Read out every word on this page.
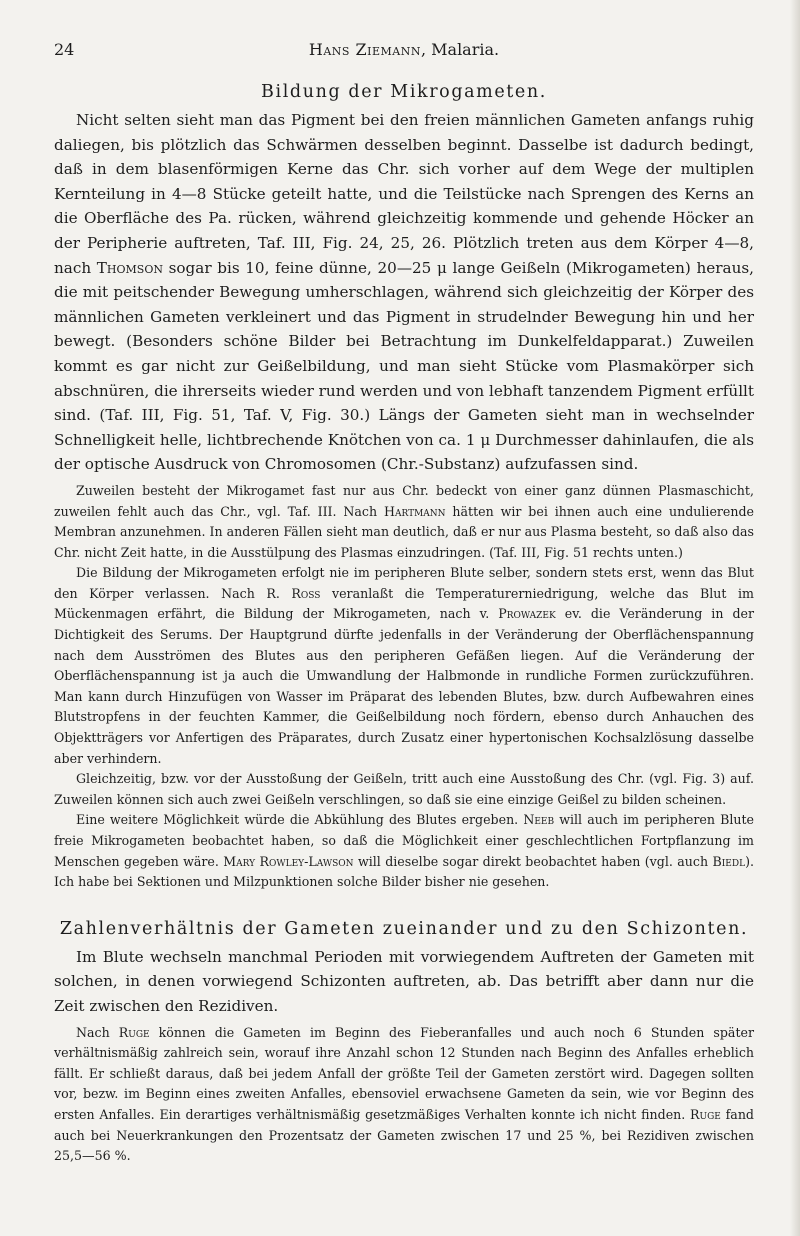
24	Hans Ziemann, Malaria.
Bildung der Mikrogameten.

Nicht selten sieht man das Pigment bei den freien männlichen Gameten anfangs ruhig daliegen, bis plötzlich das Schwärmen desselben beginnt. Dasselbe ist dadurch bedingt, daß in dem blasenförmigen Kerne das Chr. sich vorher auf dem Wege der multiplen Kernteilung in 4—8 Stücke geteilt hatte, und die Teilstücke nach Sprengen des Kerns an die Oberfläche des Pa. rücken, während gleichzeitig kommende und gehende Höcker an der Peripherie auftreten, Taf. III, Fig. 24, 25, 26. Plötzlich treten aus dem Körper 4—8, nach Thomson sogar bis 10, feine dünne, 20—25 μ lange Geißeln (Mikrogameten) heraus, die mit peitschender Bewegung umherschlagen, während sich gleichzeitig der Körper des männlichen Gameten verkleinert und das Pigment in strudelnder Bewegung hin und her bewegt. (Besonders schöne Bilder bei Betrachtung im Dunkelfeldapparat.) Zuweilen kommt es gar nicht zur Geißelbildung, und man sieht Stücke vom Plasmakörper sich abschnüren, die ihrerseits wieder rund werden und von lebhaft tanzendem Pigment erfüllt sind. (Taf. III, Fig. 51, Taf. V, Fig. 30.) Längs der Gameten sieht man in wechselnder Schnelligkeit helle, lichtbrechende Knötchen von ca. 1 μ Durchmesser dahinlaufen, die als der optische Ausdruck von Chromosomen (Chr.-Substanz) aufzufassen sind.

Zuweilen besteht der Mikrogamet fast nur aus Chr. bedeckt von einer ganz dünnen Plasmaschicht, zuweilen fehlt auch das Chr., vgl. Taf. III. Nach Hartmann hätten wir bei ihnen auch eine undulierende Membran anzunehmen. In anderen Fällen sieht man deutlich, daß er nur aus Plasma besteht, so daß also das Chr. nicht Zeit hatte, in die Ausstülpung des Plasmas einzudringen. (Taf. III, Fig. 51 rechts unten.)

Die Bildung der Mikrogameten erfolgt nie im peripheren Blute selber, sondern stets erst, wenn das Blut den Körper verlassen. Nach R. Ross veranlaßt die Temperaturerniedrigung, welche das Blut im Mückenmagen erfährt, die Bildung der Mikrogameten, nach v. Prowazek ev. die Veränderung in der Dichtigkeit des Serums. Der Hauptgrund dürfte jedenfalls in der Veränderung der Oberflächenspannung nach dem Ausströmen des Blutes aus den peripheren Gefäßen liegen. Auf die Veränderung der Oberflächenspannung ist ja auch die Umwandlung der Halbmonde in rundliche Formen zurückzuführen. Man kann durch Hinzufügen von Wasser im Präparat des lebenden Blutes, bzw. durch Aufbewahren eines Blutstropfens in der feuchten Kammer, die Geißelbildung noch fördern, ebenso durch Anhauchen des Objektträgers vor Anfertigen des Präparates, durch Zusatz einer hypertonischen Kochsalzlösung dasselbe aber verhindern.

Gleichzeitig, bzw. vor der Ausstoßung der Geißeln, tritt auch eine Ausstoßung des Chr. (vgl. Fig. 3) auf. Zuweilen können sich auch zwei Geißeln verschlingen, so daß sie eine einzige Geißel zu bilden scheinen.

Eine weitere Möglichkeit würde die Abkühlung des Blutes ergeben. Neeb will auch im peripheren Blute freie Mikrogameten beobachtet haben, so daß die Möglichkeit einer geschlechtlichen Fortpflanzung im Menschen gegeben wäre. Mary Rowley-Lawson will dieselbe sogar direkt beobachtet haben (vgl. auch Biedl). Ich habe bei Sektionen und Milzpunktionen solche Bilder bisher nie gesehen.

Zahlenverhältnis der Gameten zueinander und zu den Schizonten.

Im Blute wechseln manchmal Perioden mit vorwiegendem Auftreten der Gameten mit solchen, in denen vorwiegend Schizonten auftreten, ab. Das betrifft aber dann nur die Zeit zwischen den Rezidiven.

Nach Ruge können die Gameten im Beginn des Fieberanfalles und auch noch 6 Stunden später verhältnismäßig zahlreich sein, worauf ihre Anzahl schon 12 Stunden nach Beginn des Anfalles erheblich fällt. Er schließt daraus, daß bei jedem Anfall der größte Teil der Gameten zerstört wird. Dagegen sollten vor, bezw. im Beginn eines zweiten Anfalles, ebensoviel erwachsene Gameten da sein, wie vor Beginn des ersten Anfalles. Ein derartiges verhältnismäßig gesetzmäßiges Verhalten konnte ich nicht finden. Ruge fand auch bei Neuerkrankungen den Prozentsatz der Gameten zwischen 17 und 25 %, bei Rezidiven zwischen 25,5—56 %.
